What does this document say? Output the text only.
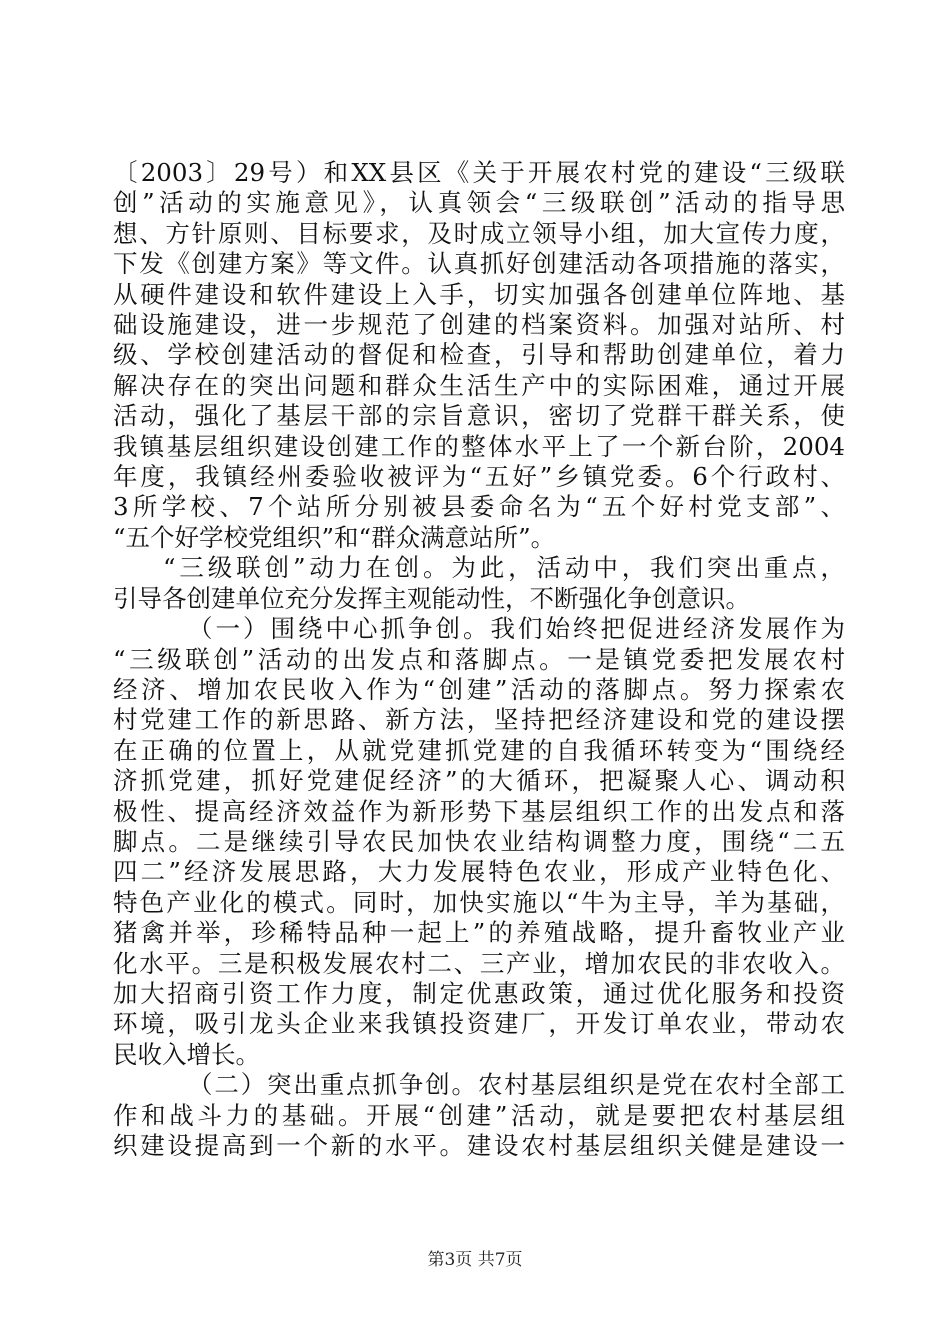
〔2003〕29号）和XX县区《关于开展农村党的建设“三级联
创”活动的实施意见》，认真领会“三级联创”活动的指导思
想、方针原则、目标要求，及时成立领导小组，加大宣传力度，
下发《创建方案》等文件。认真抓好创建活动各项措施的落实，
从硬件建设和软件建设上入手，切实加强各创建单位阵地、基
础设施建设，进一步规范了创建的档案资料。加强对站所、村
级、学校创建活动的督促和检查，引导和帮助创建单位，着力
解决存在的突出问题和群众生活生产中的实际困难，通过开展
活动，强化了基层干部的宗旨意识，密切了党群干群关系，使
我镇基层组织建设创建工作的整体水平上了一个新台阶，2004
年度，我镇经州委验收被评为“五好”乡镇党委。6个行政村、
3所学校、7个站所分别被县委命名为“五个好村党支部”、
“五个好学校党组织”和“群众满意站所”。
“三级联创”动力在创。为此，活动中，我们突出重点，
引导各创建单位充分发挥主观能动性，不断强化争创意识。
（一）围绕中心抓争创。我们始终把促进经济发展作为
“三级联创”活动的出发点和落脚点。一是镇党委把发展农村
经济、增加农民收入作为“创建”活动的落脚点。努力探索农
村党建工作的新思路、新方法，坚持把经济建设和党的建设摆
在正确的位置上，从就党建抓党建的自我循环转变为“围绕经
济抓党建，抓好党建促经济”的大循环，把凝聚人心、调动积
极性、提高经济效益作为新形势下基层组织工作的出发点和落
脚点。二是继续引导农民加快农业结构调整力度，围绕“二五
四二”经济发展思路，大力发展特色农业，形成产业特色化、
特色产业化的模式。同时，加快实施以“牛为主导，羊为基础，
猪禽并举，珍稀特品种一起上”的养殖战略，提升畜牧业产业
化水平。三是积极发展农村二、三产业，增加农民的非农收入。
加大招商引资工作力度，制定优惠政策，通过优化服务和投资
环境，吸引龙头企业来我镇投资建厂，开发订单农业，带动农
民收入增长。
（二）突出重点抓争创。农村基层组织是党在农村全部工
作和战斗力的基础。开展“创建”活动，就是要把农村基层组
织建设提高到一个新的水平。建设农村基层组织关健是建设一
第3页 共7页
